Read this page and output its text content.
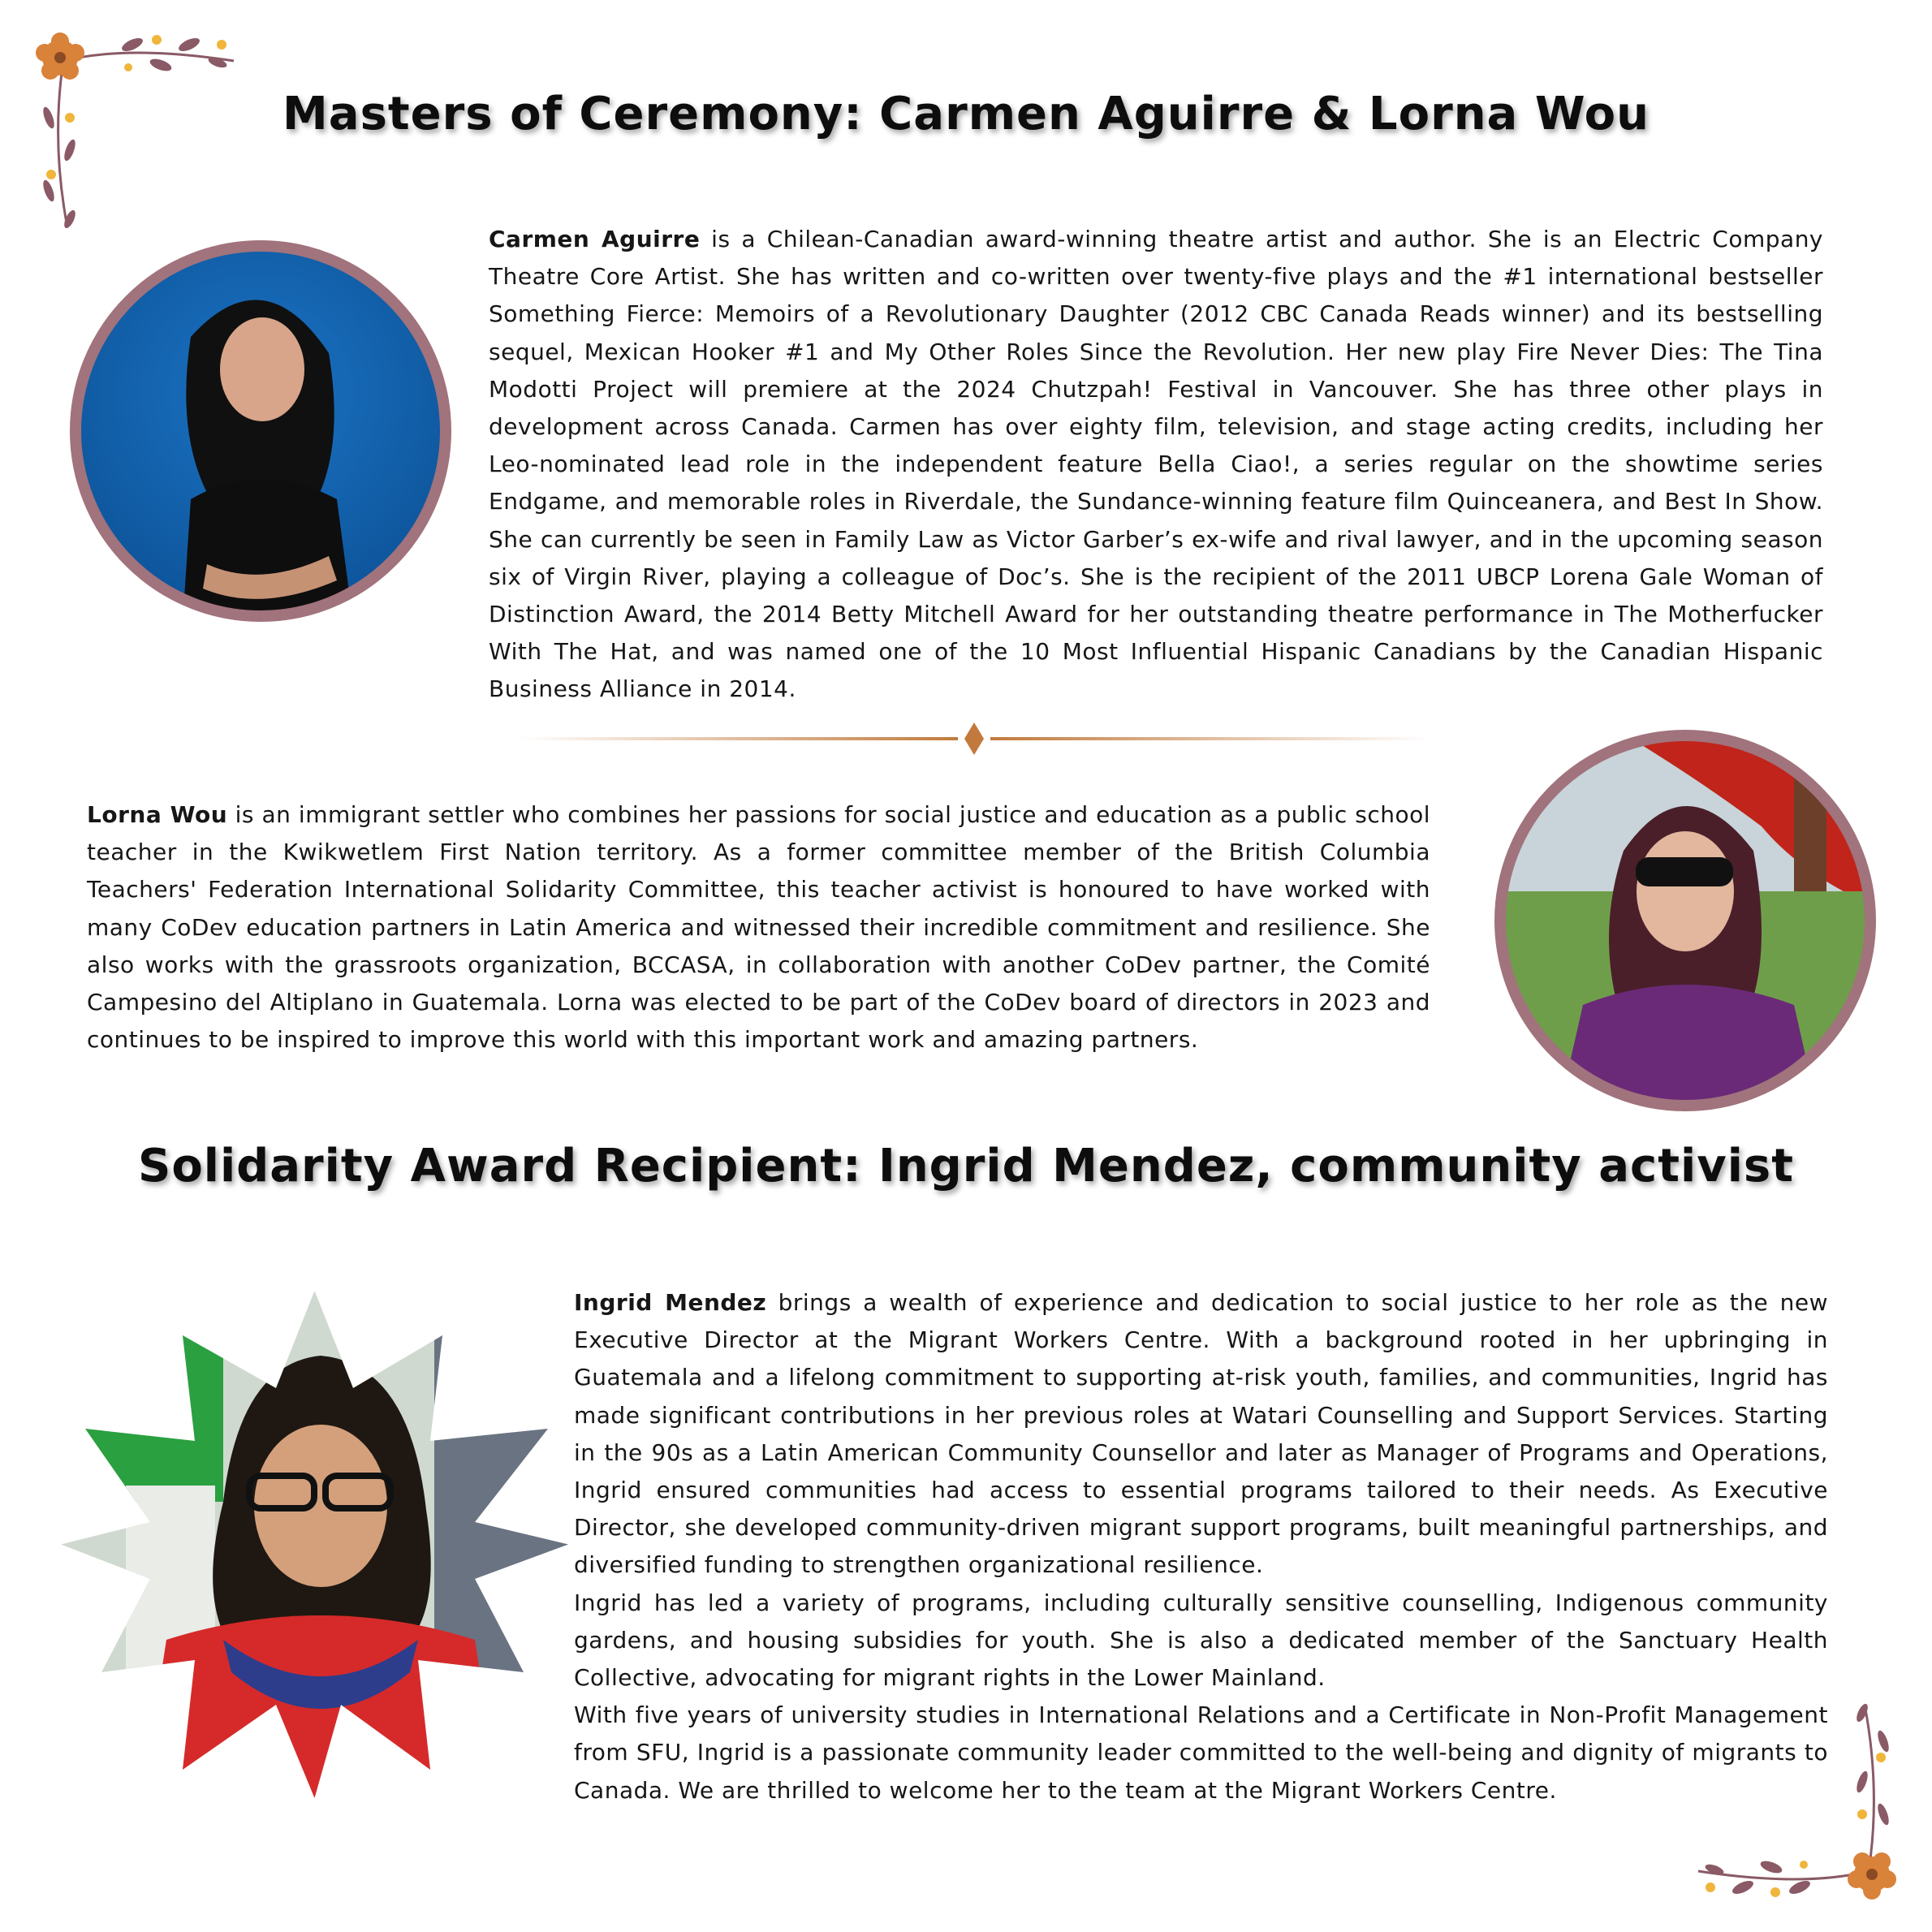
Masters of Ceremony: Carmen Aguirre & Lorna Wou

Carmen Aguirre is a Chilean-Canadian award-winning theatre artist and author. She is an Electric Company Theatre Core Artist. She has written and co-written over twenty-five plays and the #1 international bestseller Something Fierce: Memoirs of a Revolutionary Daughter (2012 CBC Canada Reads winner) and its bestselling sequel, Mexican Hooker #1 and My Other Roles Since the Revolution. Her new play Fire Never Dies: The Tina Modotti Project will premiere at the 2024 Chutzpah! Festival in Vancouver. She has three other plays in development across Canada. Carmen has over eighty film, television, and stage acting credits, including her Leo-nominated lead role in the independent feature Bella Ciao!, a series regular on the showtime series Endgame, and memorable roles in Riverdale, the Sundance-winning feature film Quinceanera, and Best In Show. She can currently be seen in Family Law as Victor Garber’s ex-wife and rival lawyer, and in the upcoming season six of Virgin River, playing a colleague of Doc’s. She is the recipient of the 2011 UBCP Lorena Gale Woman of Distinction Award, the 2014 Betty Mitchell Award for her outstanding theatre performance in The Motherfucker With The Hat, and was named one of the 10 Most Influential Hispanic Canadians by the Canadian Hispanic Business Alliance in 2014.

Lorna Wou is an immigrant settler who combines her passions for social justice and education as a public school teacher in the Kwikwetlem First Nation territory. As a former committee member of the British Columbia Teachers' Federation International Solidarity Committee, this teacher activist is honoured to have worked with many CoDev education partners in Latin America and witnessed their incredible commitment and resilience. She also works with the grassroots organization, BCCASA, in collaboration with another CoDev partner, the Comité Campesino del Altiplano in Guatemala. Lorna was elected to be part of the CoDev board of directors in 2023 and continues to be inspired to improve this world with this important work and amazing partners.

Solidarity Award Recipient: Ingrid Mendez, community activist
Ingrid Mendez brings a wealth of experience and dedication to social justice to her role as the new Executive Director at the Migrant Workers Centre. With a background rooted in her upbringing in Guatemala and a lifelong commitment to supporting at-risk youth, families, and communities, Ingrid has made significant contributions in her previous roles at Watari Counselling and Support Services. Starting in the 90s as a Latin American Community Counsellor and later as Manager of Programs and Operations, Ingrid ensured communities had access to essential programs tailored to their needs. As Executive Director, she developed community-driven migrant support programs, built meaningful partnerships, and diversified funding to strengthen organizational resilience.
Ingrid has led a variety of programs, including culturally sensitive counselling, Indigenous community gardens, and housing subsidies for youth. She is also a dedicated member of the Sanctuary Health Collective, advocating for migrant rights in the Lower Mainland.
With five years of university studies in International Relations and a Certificate in Non-Profit Management from SFU, Ingrid is a passionate community leader committed to the well-being and dignity of migrants to Canada. We are thrilled to welcome her to the team at the Migrant Workers Centre.
